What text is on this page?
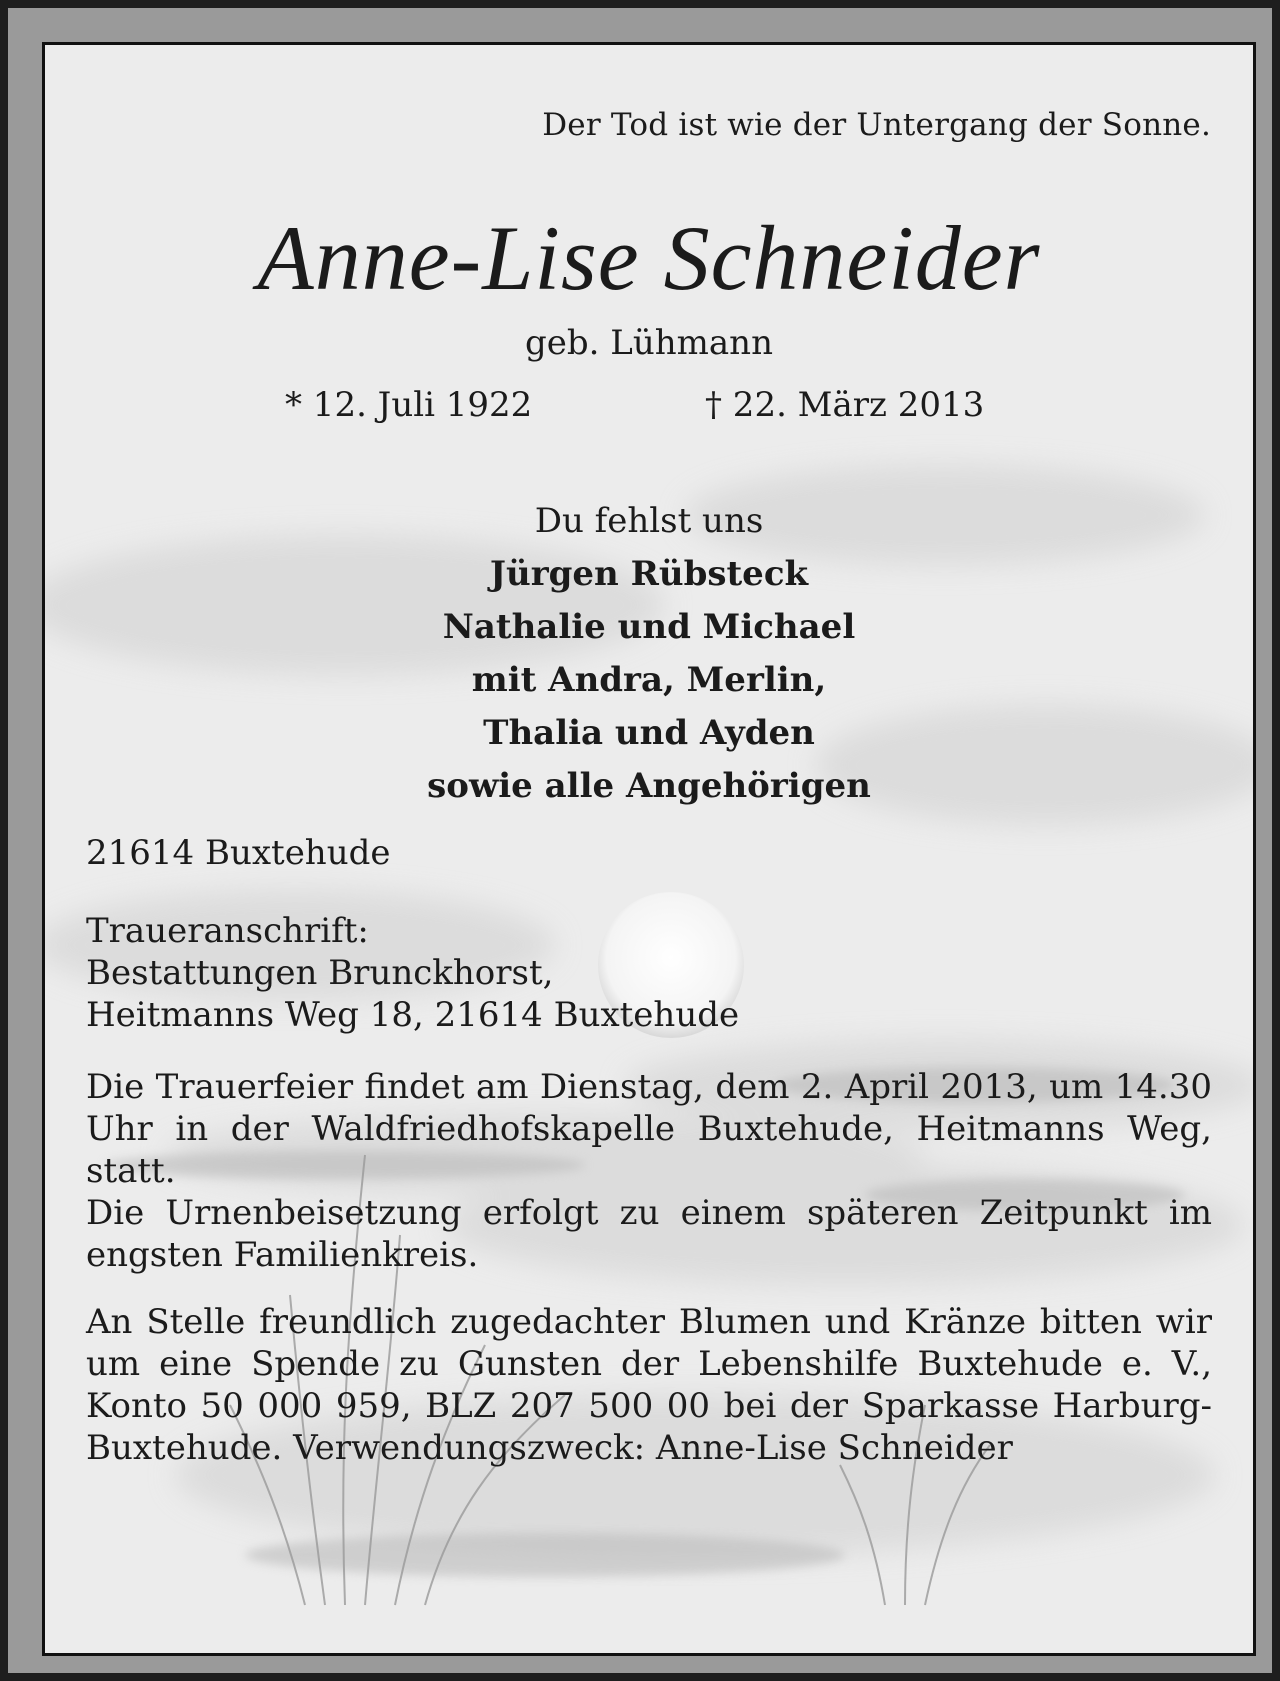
Der Tod ist wie der Untergang der Sonne.
Anne-Lise Schneider
geb. Lühmann
* 12. Juli 1922	† 22. März 2013
Du fehlst uns
Jürgen Rübsteck
Nathalie und Michael
mit Andra, Merlin,
Thalia und Ayden
sowie alle Angehörigen
21614 Buxtehude
Traueranschrift:
Bestattungen Brunckhorst,
Heitmanns Weg 18, 21614 Buxtehude
Die Trauerfeier findet am Dienstag, dem 2. April 2013, um 14.30 Uhr in der Waldfriedhofskapelle Buxtehude, Heitmanns Weg, statt.
Die Urnenbeisetzung erfolgt zu einem späteren Zeitpunkt im engsten Familienkreis.
An Stelle freundlich zugedachter Blumen und Kränze bitten wir um eine Spende zu Gunsten der Lebenshilfe Buxtehude e. V., Konto 50 000 959, BLZ 207 500 00 bei der Sparkasse Harburg-Buxtehude. Verwendungszweck: Anne-Lise Schneider
